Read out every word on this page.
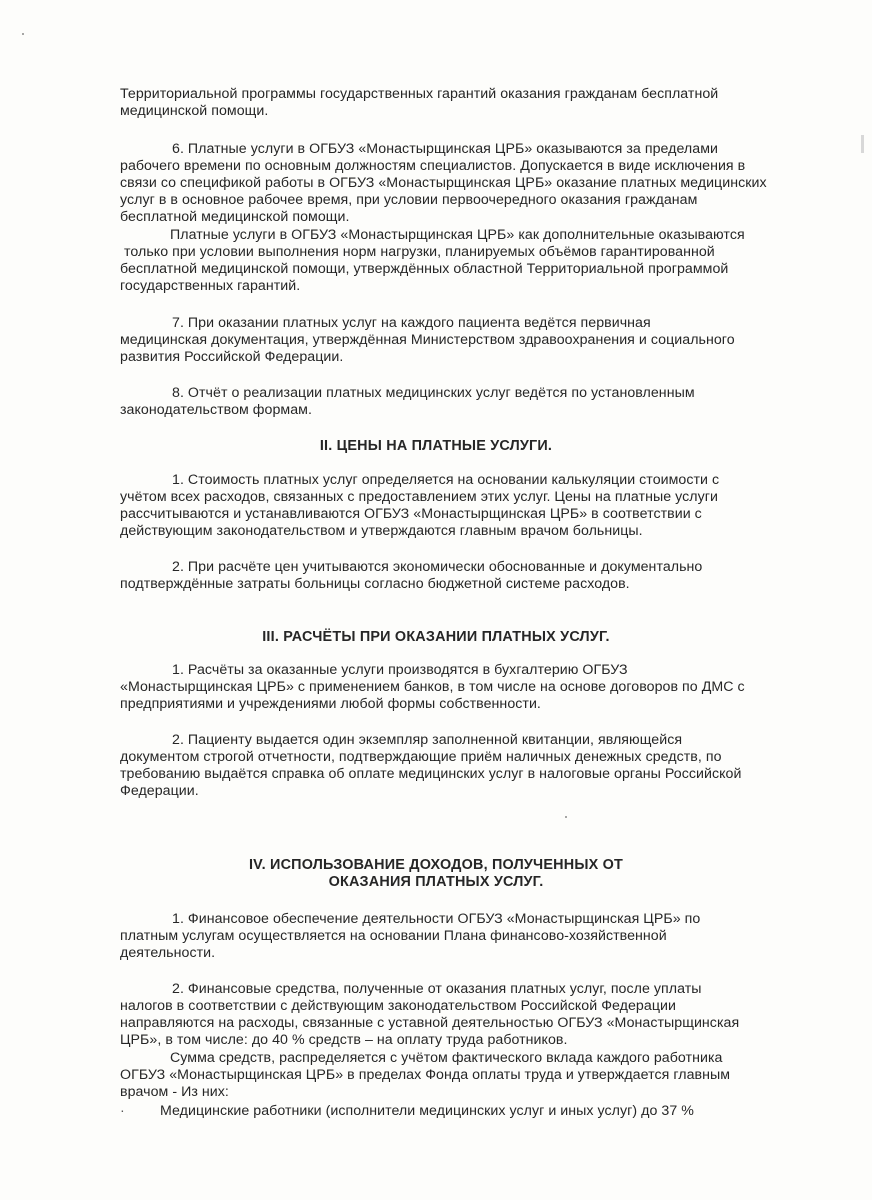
Территориальной программы государственных гарантий оказания гражданам бесплатной
медицинской помощи.
6. Платные услуги в ОГБУЗ «Монастырщинская ЦРБ» оказываются за пределами
рабочего времени по основным должностям специалистов. Допускается в виде исключения в
связи со спецификой работы в ОГБУЗ «Монастырщинская ЦРБ» оказание платных медицинских
услуг в в основное рабочее время, при условии первоочередного оказания гражданам
бесплатной медицинской помощи.
Платные услуги в ОГБУЗ «Монастырщинская ЦРБ» как дополнительные оказываются
только при условии выполнения норм нагрузки, планируемых объёмов гарантированной
бесплатной медицинской помощи, утверждённых областной Территориальной программой
государственных гарантий.
7. При оказании платных услуг на каждого пациента ведётся первичная
медицинская документация, утверждённая Министерством здравоохранения и социального
развития Российской Федерации.
8. Отчёт о реализации платных медицинских услуг ведётся по установленным
законодательством формам.
II. ЦЕНЫ НА ПЛАТНЫЕ УСЛУГИ.
1. Стоимость платных услуг определяется на основании калькуляции стоимости с
учётом всех расходов, связанных с предоставлением этих услуг. Цены на платные услуги
рассчитываются и устанавливаются ОГБУЗ «Монастырщинская ЦРБ» в соответствии с
действующим законодательством и утверждаются главным врачом больницы.
2. При расчёте цен учитываются экономически обоснованные и документально
подтверждённые затраты больницы согласно бюджетной системе расходов.
III. РАСЧЁТЫ ПРИ ОКАЗАНИИ ПЛАТНЫХ УСЛУГ.
1. Расчёты за оказанные услуги производятся в бухгалтерию ОГБУЗ
«Монастырщинская ЦРБ» с применением банков, в том числе на основе договоров по ДМС с
предприятиями и учреждениями любой формы собственности.
2. Пациенту выдается один экземпляр заполненной квитанции, являющейся
документом строгой отчетности, подтверждающие приём наличных денежных средств, по
требованию выдаётся справка об оплате медицинских услуг в налоговые органы Российской
Федерации.
IV. ИСПОЛЬЗОВАНИЕ ДОХОДОВ, ПОЛУЧЕННЫХ ОТ
ОКАЗАНИЯ ПЛАТНЫХ УСЛУГ.
1. Финансовое обеспечение деятельности ОГБУЗ «Монастырщинская ЦРБ» по
платным услугам осуществляется на основании Плана финансово-хозяйственной
деятельности.
2. Финансовые средства, полученные от оказания платных услуг, после уплаты
налогов в соответствии с действующим законодательством Российской Федерации
направляются на расходы, связанные с уставной деятельностью ОГБУЗ «Монастырщинская
ЦРБ», в том числе: до 40 % средств – на оплату труда работников.
Сумма средств, распределяется с учётом фактического вклада каждого работника
ОГБУЗ «Монастырщинская ЦРБ» в пределах Фонда оплаты труда и утверждается главным
врачом - Из них:
· Медицинские работники (исполнители медицинских услуг и иных услуг) до 37 %
